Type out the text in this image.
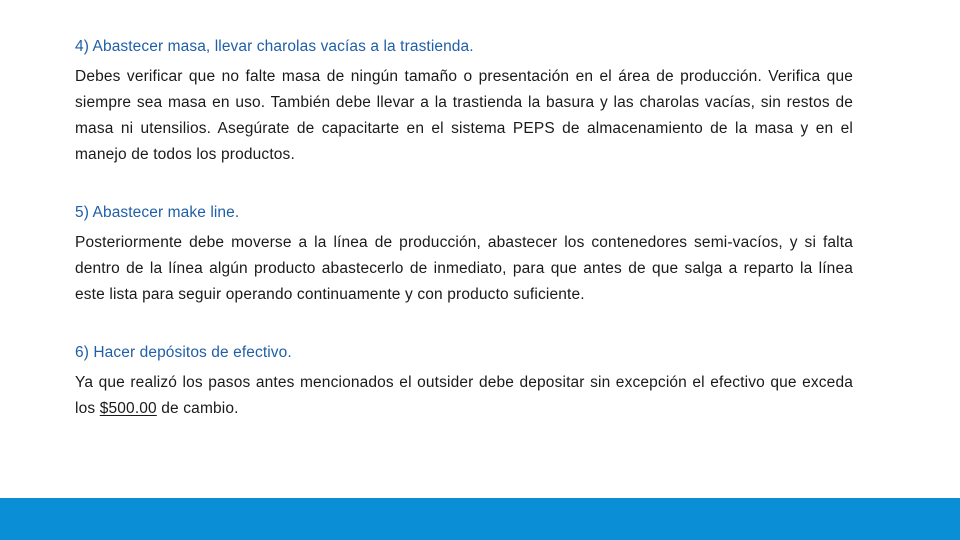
4) Abastecer masa, llevar charolas vacías a la trastienda.

Debes verificar que no falte masa de ningún tamaño o presentación en el área de producción. Verifica que siempre sea masa en uso. También debe llevar a la trastienda la basura y las charolas vacías, sin restos de masa ni utensilios. Asegúrate de capacitarte en el sistema PEPS de almacenamiento de la masa y en el manejo de todos los productos.

5) Abastecer make line.

Posteriormente debe moverse a la línea de producción, abastecer los contenedores semi-vacíos, y si falta dentro de la línea algún producto abastecerlo de inmediato, para que antes de que salga a reparto la línea este lista para seguir operando continuamente y con producto suficiente.

6) Hacer depósitos de efectivo.

Ya que realizó los pasos antes mencionados el outsider debe depositar sin excepción el efectivo que exceda los $500.00 de cambio.
